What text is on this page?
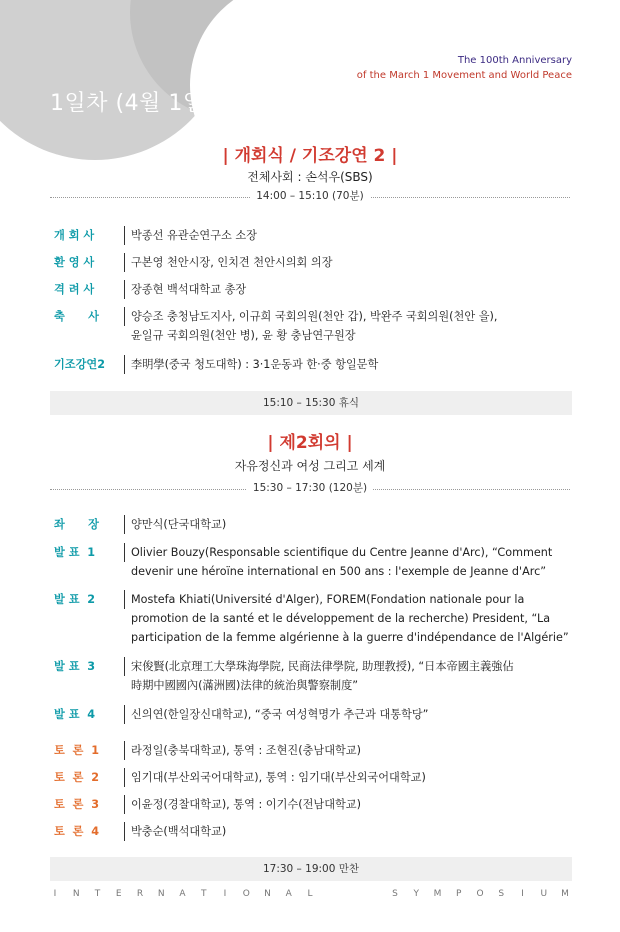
1일차 (4월 1일)
The 100th Anniversary
of the March 1 Movement and World Peace
| 개회식 / 기조강연 2 |
전체사회 : 손석우(SBS)
14:00 – 15:10 (70분)
개 회 사	박종선 유관순연구소 소장
환 영 사	구본영 천안시장, 인치견 천안시의회 의장
격 려 사	장종현 백석대학교 총장
축      사	양승조 충청남도지사, 이규희 국회의원(천안 갑), 박완주 국회의원(천안 을),
윤일규 국회의원(천안 병), 윤 황 충남연구원장
기조강연2	李明學(중국 청도대학) : 3·1운동과 한·중 항일문학
15:10 – 15:30 휴식
| 제2회의 |
자유정신과 여성 그리고 세계
15:30 – 17:30 (120분)
좌      장	양만식(단국대학교)
발 표  1	Olivier Bouzy(Responsable scientifique du Centre Jeanne d'Arc), “Comment
devenir une héroïne international en 500 ans : l'exemple de Jeanne d'Arc”
발 표  2	Mostefa Khiati(Université d'Alger), FOREM(Fondation nationale pour la
promotion de la santé et le développement de la recherche) President, “La
participation de la femme algérienne à la guerre d'indépendance de l'Algérie”
발 표  3	宋俊賢(北京理工大學珠海學院, 民商法律學院, 助理教授), “日本帝國主義強佔
時期中國國內(滿洲國)法律的統治與警察制度”
발 표  4	신의연(한일장신대학교), “중국 여성혁명가 추근과 대통학당”
토  론  1	라정일(충북대학교), 통역 : 조현진(충남대학교)
토  론  2	임기대(부산외국어대학교), 통역 : 임기대(부산외국어대학교)
토  론  3	이윤정(경찰대학교), 통역 : 이기수(전남대학교)
토  론  4	박충순(백석대학교)
17:30 – 19:00 만찬
I	N T E R N A T	I	O N A L	S Y M P O S	I	U M
